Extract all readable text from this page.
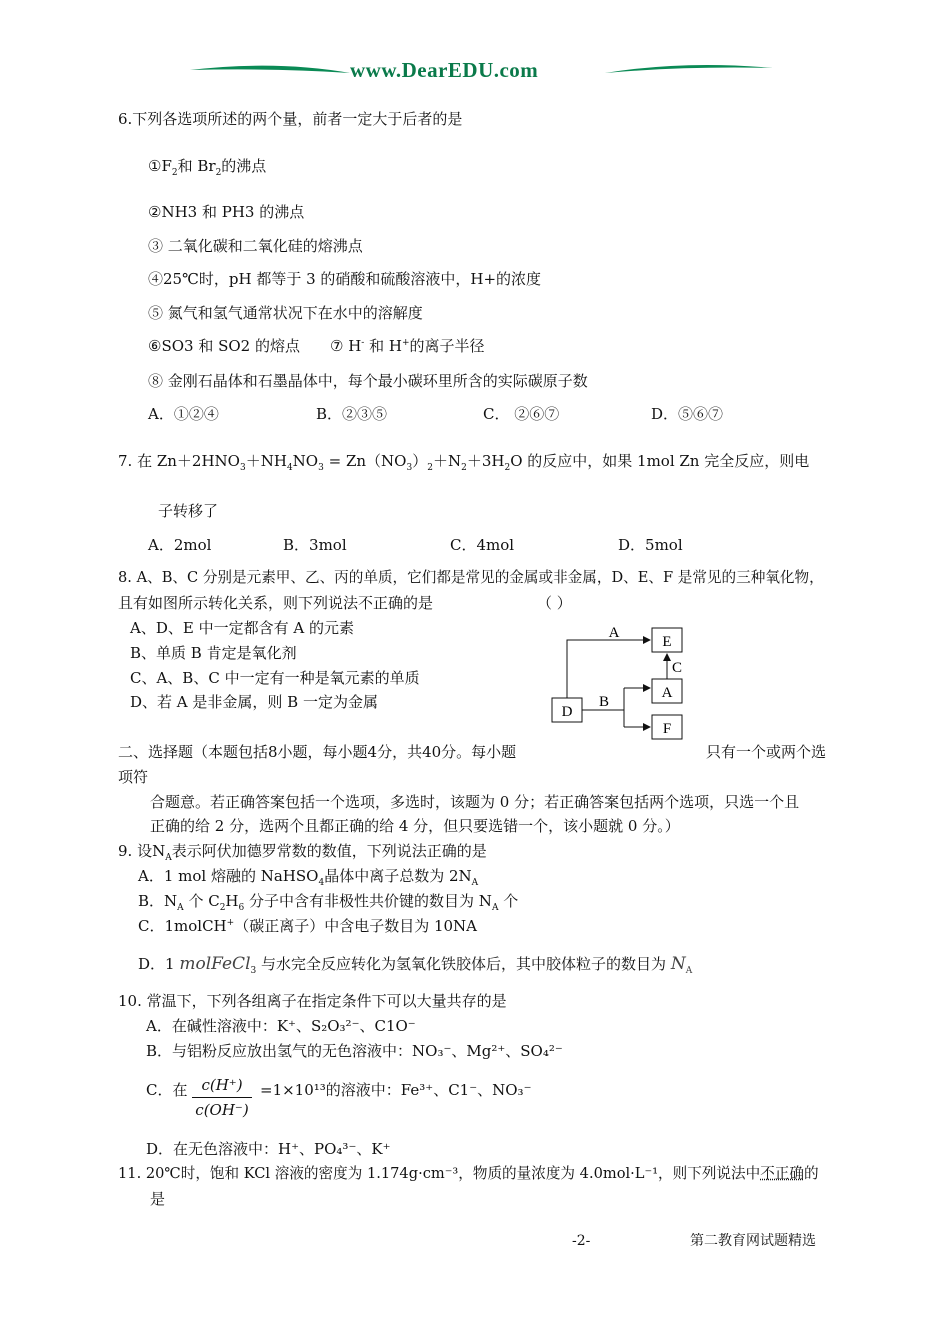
www.DearEDU.com
6.下列各选项所述的两个量，前者一定大于后者的是
$①F_2$和 $Br_2$的沸点
②NH3 和 PH3 的沸点
③ 二氧化碳和二氧化硅的熔沸点
④25℃时，pH 都等于 3 的硝酸和硫酸溶液中，H+的浓度
⑤ 氮气和氢气通常状况下在水中的溶解度
⑥SO3 和 SO2 的熔点 ⑦ H- 和 H+的离子半径
⑧ 金刚石晶体和石墨晶体中，每个最小碳环里所含的实际碳原子数
A．①②④	B．②③⑤	C． ②⑥⑦	D．⑤⑥⑦
7. 在 $Zn+2HNO_3+NH_4NO_3 = Zn(NO_3)_2+N_2+3H_2O$ 的反应中，如果 1mol Zn 完全反应，则电
子转移了
A．2mol	B．3mol	C．4mol	D．5mol
8. A、B、C 分别是元素甲、乙、丙的单质，它们都是常见的金属或非金属，D、E、F 是常见的三种氧化物，
且有如图所示转化关系，则下列说法不正确的是	（ ）
A、D、E 中一定都含有 A 的元素
B、单质 B 肯定是氧化剂
C、A、B、C 中一定有一种是氧元素的单质
D、若 A 是非金属，则 B 一定为金属
D
E
A
F
A
B
C
二、选择题（本题包括8小题，每小题4分，共40分。每小题	只有一个或两个选
项符
合题意。若正确答案包括一个选项，多选时，该题为 0 分；若正确答案包括两个选项，只选一个且
正确的给 2 分，选两个且都正确的给 4 分，但只要选错一个，该小题就 0 分。）
9. 设$N_A$表示阿伏加德罗常数的数值，下列说法正确的是
A．1 mol 熔融的 NaHSO$_4$晶体中离子总数为 $2N_A$
B．$N_A$ 个 $C_2H_6$ 分子中含有非极性共价键的数目为 $N_A$ 个
C．1molCH+（碳正离子）中含电子数目为 10NA
D．1 molFeCl$_3$ 与水完全反应转化为氢氧化铁胶体后，其中胶体粒子的数目为 $N_A$
10. 常温下，下列各组离子在指定条件下可以大量共存的是
A．在碱性溶液中：K⁺、S₂O₃²⁻、C1O⁻
B．与铝粉反应放出氢气的无色溶液中：NO₃⁻、Mg²⁺、SO₄²⁻
C．在 $\frac{c(H^+)}{c(OH^-)} =1\times 10^{13}$的溶液中：Fe³⁺、C1⁻、NO₃⁻
D．在无色溶液中：H⁺、PO₄³⁻、K⁺
11. 20℃时，饱和 KCl 溶液的密度为 1.174g·cm⁻³，物质的量浓度为 4.0mol·L⁻¹，则下列说法中不正确的
是
-2-	第二教育网试题精选
